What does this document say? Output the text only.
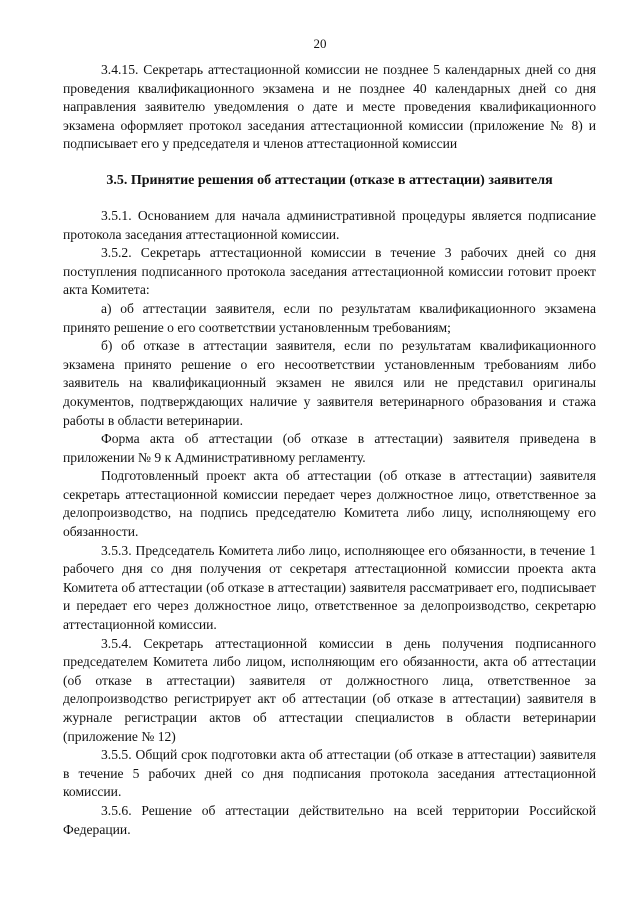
20

3.4.15. Секретарь аттестационной комиссии не позднее 5 календарных дней со дня проведения квалификационного экзамена и не позднее 40 календарных дней со дня направления заявителю уведомления о дате и месте проведения квалификационного экзамена оформляет протокол заседания аттестационной комиссии (приложение № 8) и подписывает его у председателя и членов аттестационной комиссии

3.5. Принятие решения об аттестации (отказе в аттестации) заявителя

3.5.1. Основанием для начала административной процедуры является подписание протокола заседания аттестационной комиссии.

3.5.2. Секретарь аттестационной комиссии в течение 3 рабочих дней со дня поступления подписанного протокола заседания аттестационной комиссии готовит проект акта Комитета:

а) об аттестации заявителя, если по результатам квалификационного экзамена принято решение о его соответствии установленным требованиям;

б) об отказе в аттестации заявителя, если по результатам квалификационного экзамена принято решение о его несоответствии установленным требованиям либо заявитель на квалификационный экзамен не явился или не представил оригиналы документов, подтверждающих наличие у заявителя ветеринарного образования и стажа работы в области ветеринарии.

Форма акта об аттестации (об отказе в аттестации) заявителя приведена в приложении № 9 к Административному регламенту.

Подготовленный проект акта об аттестации (об отказе в аттестации) заявителя секретарь аттестационной комиссии передает через должностное лицо, ответственное за делопроизводство, на подпись председателю Комитета либо лицу, исполняющему его обязанности.

3.5.3. Председатель Комитета либо лицо, исполняющее его обязанности, в течение 1 рабочего дня со дня получения от секретаря аттестационной комиссии проекта акта Комитета об аттестации (об отказе в аттестации) заявителя рассматривает его, подписывает и передает его через должностное лицо, ответственное за делопроизводство, секретарю аттестационной комиссии.

3.5.4. Секретарь аттестационной комиссии в день получения подписанного председателем Комитета либо лицом, исполняющим его обязанности, акта об аттестации (об отказе в аттестации) заявителя от должностного лица, ответственное за делопроизводство регистрирует акт об аттестации (об отказе в аттестации) заявителя в журнале регистрации актов об аттестации специалистов в области ветеринарии (приложение № 12)

3.5.5. Общий срок подготовки акта об аттестации (об отказе в аттестации) заявителя в течение 5 рабочих дней со дня подписания протокола заседания аттестационной комиссии.

3.5.6. Решение об аттестации действительно на всей территории Российской Федерации.
